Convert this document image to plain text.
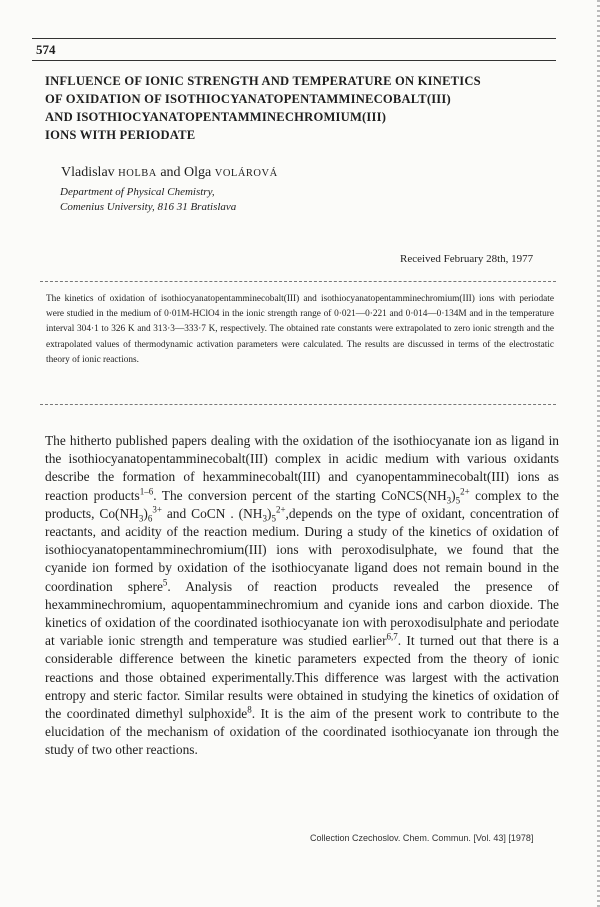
574
INFLUENCE OF IONIC STRENGTH AND TEMPERATURE ON KINETICS
OF OXIDATION OF ISOTHIOCYANATOPENTAMMINECOBALT(III)
AND ISOTHIOCYANATOPENTAMMINECHROMIUM(III)
IONS WITH PERIODATE
Vladislav HOLBA and Olga VOLÁROVÁ
Department of Physical Chemistry,
Comenius University, 816 31 Bratislava
Received February 28th, 1977
The kinetics of oxidation of isothiocyanatopentamminecobalt(III) and isothiocyanatopentamminechromium(III) ions with periodate were studied in the medium of 0·01M-HClO4 in the ionic strength range of 0·021—0·221 and 0·014—0·134M and in the temperature interval 304·1 to 326 K and 313·3—333·7 K, respectively. The obtained rate constants were extrapolated to zero ionic strength and the extrapolated values of thermodynamic activation parameters were calculated. The results are discussed in terms of the electrostatic theory of ionic reactions.
The hitherto published papers dealing with the oxidation of the isothiocyanate ion as ligand in the isothiocyanatopentamminecobalt(III) complex in acidic medium with various oxidants describe the formation of hexamminecobalt(III) and cyanopentamminecobalt(III) ions as reaction products$^{1-6}$. The conversion percent of the starting $CoNCS(NH_3)_5^{2+}$ complex to the products, $Co(NH_3)_6^{3+}$ and CoCN . $(NH_3)_5^{2+},depends$ on the type of oxidant, concentration of reactants, and acidity of the reaction medium. During a study of the kinetics of oxidation of isothiocyanatopentamminechromium(III) ions with peroxodisulphate, we found that the cyanide ion formed by oxidation of the isothiocyanate ligand does not remain bound in the coordination sphere$^5$. Analysis of reaction products revealed the presence of hexamminechromium, aquopentamminechromium and cyanide ions and carbon dioxide. The kinetics of oxidation of the coordinated isothiocyanate ion with peroxodisulphate and periodate at variable ionic strength and temperature was studied earlier$^{6,7}$. It turned out that there is a considerable difference between the kinetic parameters expected from the theory of ionic reactions and those obtained experimentally.This difference was largest with the activation entropy and steric factor. Similar results were obtained in studying the kinetics of oxidation of the coordinated dimethyl sulphoxide$^8$. It is the aim of the present work to contribute to the elucidation of the mechanism of oxidation of the coordinated isothiocyanate ion through the study of two other reactions.
Collection Czechoslov. Chem. Commun. [Vol. 43] [1978]
